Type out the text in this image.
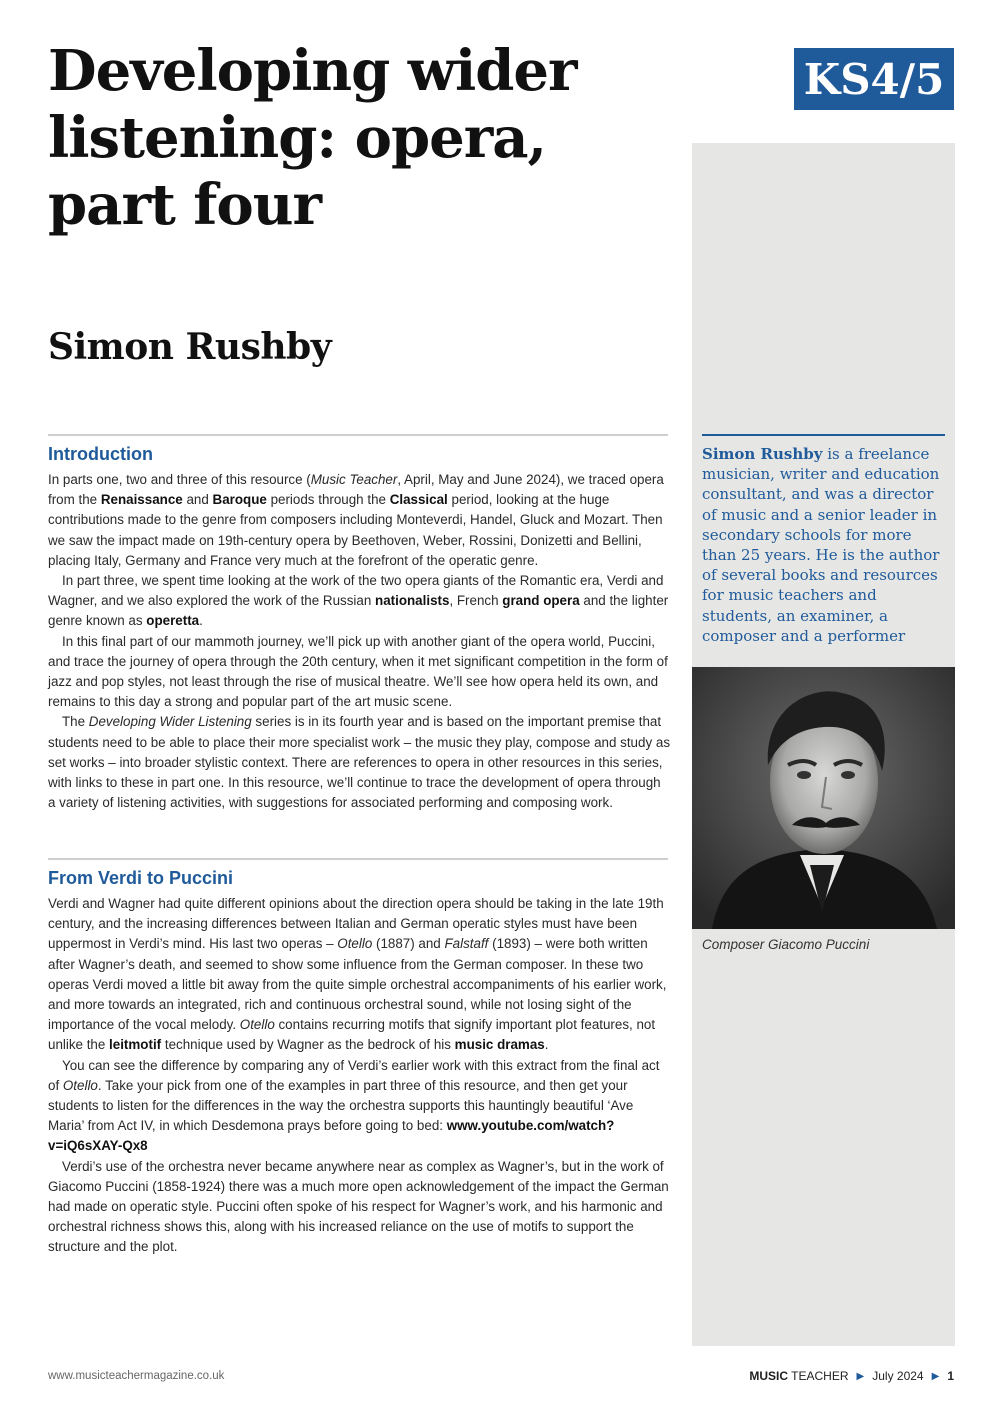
Developing wider listening: opera, part four
Simon Rushby
KS4/5

Simon Rushby is a freelance musician, writer and education consultant, and was a director of music and a senior leader in secondary schools for more than 25 years. He is the author of several books and resources for music teachers and students, an examiner, a composer and a performer

Composer Giacomo Puccini

Introduction

In parts one, two and three of this resource (Music Teacher, April, May and June 2024), we traced opera from the Renaissance and Baroque periods through the Classical period, looking at the huge contributions made to the genre from composers including Monteverdi, Handel, Gluck and Mozart. Then we saw the impact made on 19th-century opera by Beethoven, Weber, Rossini, Donizetti and Bellini, placing Italy, Germany and France very much at the forefront of the operatic genre.

In part three, we spent time looking at the work of the two opera giants of the Romantic era, Verdi and Wagner, and we also explored the work of the Russian nationalists, French grand opera and the lighter genre known as operetta.

In this final part of our mammoth journey, we’ll pick up with another giant of the opera world, Puccini, and trace the journey of opera through the 20th century, when it met significant competition in the form of jazz and pop styles, not least through the rise of musical theatre. We’ll see how opera held its own, and remains to this day a strong and popular part of the art music scene.

The Developing Wider Listening series is in its fourth year and is based on the important premise that students need to be able to place their more specialist work – the music they play, compose and study as set works – into broader stylistic context. There are references to opera in other resources in this series, with links to these in part one. In this resource, we’ll continue to trace the development of opera through a variety of listening activities, with suggestions for associated performing and composing work.

From Verdi to Puccini

Verdi and Wagner had quite different opinions about the direction opera should be taking in the late 19th century, and the increasing differences between Italian and German operatic styles must have been uppermost in Verdi’s mind. His last two operas – Otello (1887) and Falstaff (1893) – were both written after Wagner’s death, and seemed to show some influence from the German composer. In these two operas Verdi moved a little bit away from the quite simple orchestral accompaniments of his earlier work, and more towards an integrated, rich and continuous orchestral sound, while not losing sight of the importance of the vocal melody. Otello contains recurring motifs that signify important plot features, not unlike the leitmotif technique used by Wagner as the bedrock of his music dramas.

You can see the difference by comparing any of Verdi’s earlier work with this extract from the final act of Otello. Take your pick from one of the examples in part three of this resource, and then get your students to listen for the differences in the way the orchestra supports this hauntingly beautiful ‘Ave Maria’ from Act IV, in which Desdemona prays before going to bed: www.youtube.com/watch?v=iQ6sXAY-Qx8

Verdi’s use of the orchestra never became anywhere near as complex as Wagner’s, but in the work of Giacomo Puccini (1858-1924) there was a much more open acknowledgement of the impact the German had made on operatic style. Puccini often spoke of his respect for Wagner’s work, and his harmonic and orchestral richness shows this, along with his increased reliance on the use of motifs to support the structure and the plot.

www.musicteachermagazine.co.uk	MUSIC TEACHER ▶ July 2024 ▶ 1
